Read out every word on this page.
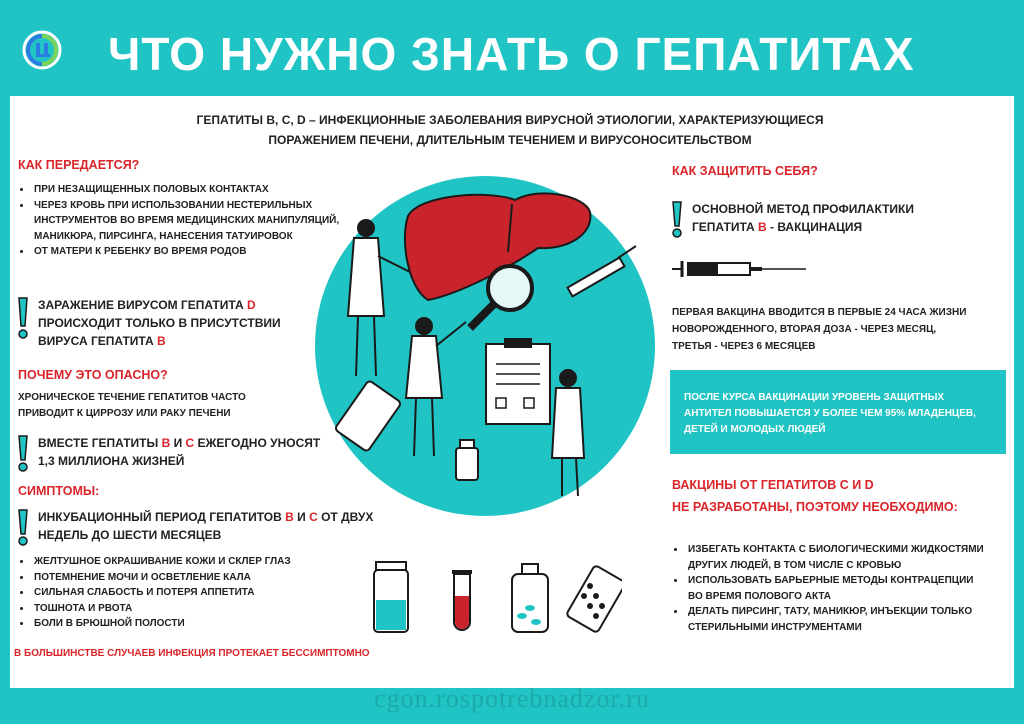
ЧТО НУЖНО ЗНАТЬ О ГЕПАТИТАХ
ГЕПАТИТЫ В, С, D – ИНФЕКЦИОННЫЕ ЗАБОЛЕВАНИЯ ВИРУСНОЙ ЭТИОЛОГИИ, ХАРАКТЕРИЗУЮЩИЕСЯ
ПОРАЖЕНИЕМ ПЕЧЕНИ, ДЛИТЕЛЬНЫМ ТЕЧЕНИЕМ И ВИРУСОНОСИТЕЛЬСТВОМ
КАК ПЕРЕДАЕТСЯ?
• ПРИ НЕЗАЩИЩЕННЫХ ПОЛОВЫХ КОНТАКТАХ
• ЧЕРЕЗ КРОВЬ ПРИ ИСПОЛЬЗОВАНИИ НЕСТЕРИЛЬНЫХ ИНСТРУМЕНТОВ ВО ВРЕМЯ МЕДИЦИНСКИХ МАНИПУЛЯЦИЙ, МАНИКЮРА, ПИРСИНГА, НАНЕСЕНИЯ ТАТУИРОВОК
• ОТ МАТЕРИ К РЕБЕНКУ ВО ВРЕМЯ РОДОВ
ЗАРАЖЕНИЕ ВИРУСОМ ГЕПАТИТА D
ПРОИСХОДИТ ТОЛЬКО В ПРИСУТСТВИИ
ВИРУСА ГЕПАТИТА В
ПОЧЕМУ ЭТО ОПАСНО?
ХРОНИЧЕСКОЕ ТЕЧЕНИЕ ГЕПАТИТОВ ЧАСТО
ПРИВОДИТ К ЦИРРОЗУ ИЛИ РАКУ ПЕЧЕНИ
ВМЕСТЕ ГЕПАТИТЫ В И С ЕЖЕГОДНО УНОСЯТ
1,3 МИЛЛИОНА ЖИЗНЕЙ
СИМПТОМЫ:
ИНКУБАЦИОННЫЙ ПЕРИОД ГЕПАТИТОВ В И С ОТ ДВУХ
НЕДЕЛЬ ДО ШЕСТИ МЕСЯЦЕВ
• ЖЕЛТУШНОЕ ОКРАШИВАНИЕ КОЖИ И СКЛЕР ГЛАЗ
• ПОТЕМНЕНИЕ МОЧИ И ОСВЕТЛЕНИЕ КАЛА
• СИЛЬНАЯ СЛАБОСТЬ И ПОТЕРЯ АППЕТИТА
• ТОШНОТА И РВОТА
• БОЛИ В БРЮШНОЙ ПОЛОСТИ
В БОЛЬШИНСТВЕ СЛУЧАЕВ ИНФЕКЦИЯ ПРОТЕКАЕТ БЕССИМПТОМНО
КАК ЗАЩИТИТЬ СЕБЯ?
ОСНОВНОЙ МЕТОД ПРОФИЛАКТИКИ
ГЕПАТИТА В - ВАКЦИНАЦИЯ
ПЕРВАЯ ВАКЦИНА ВВОДИТСЯ В ПЕРВЫЕ 24 ЧАСА ЖИЗНИ
НОВОРОЖДЕННОГО, ВТОРАЯ ДОЗА - ЧЕРЕЗ МЕСЯЦ,
ТРЕТЬЯ - ЧЕРЕЗ 6 МЕСЯЦЕВ
ПОСЛЕ КУРСА ВАКЦИНАЦИИ УРОВЕНЬ ЗАЩИТНЫХ
АНТИТЕЛ ПОВЫШАЕТСЯ У БОЛЕЕ ЧЕМ 95% МЛАДЕНЦЕВ,
ДЕТЕЙ И МОЛОДЫХ ЛЮДЕЙ
ВАКЦИНЫ ОТ ГЕПАТИТОВ С И D
НЕ РАЗРАБОТАНЫ, ПОЭТОМУ НЕОБХОДИМО:
• ИЗБЕГАТЬ КОНТАКТА С БИОЛОГИЧЕСКИМИ ЖИДКОСТЯМИ ДРУГИХ ЛЮДЕЙ, В ТОМ ЧИСЛЕ С КРОВЬЮ
• ИСПОЛЬЗОВАТЬ БАРЬЕРНЫЕ МЕТОДЫ КОНТРАЦЕПЦИИ ВО ВРЕМЯ ПОЛОВОГО АКТА
• ДЕЛАТЬ ПИРСИНГ, ТАТУ, МАНИКЮР, ИНЪЕКЦИИ ТОЛЬКО СТЕРИЛЬНЫМИ ИНСТРУМЕНТАМИ
cgon.rospotrebnadzor.ru
